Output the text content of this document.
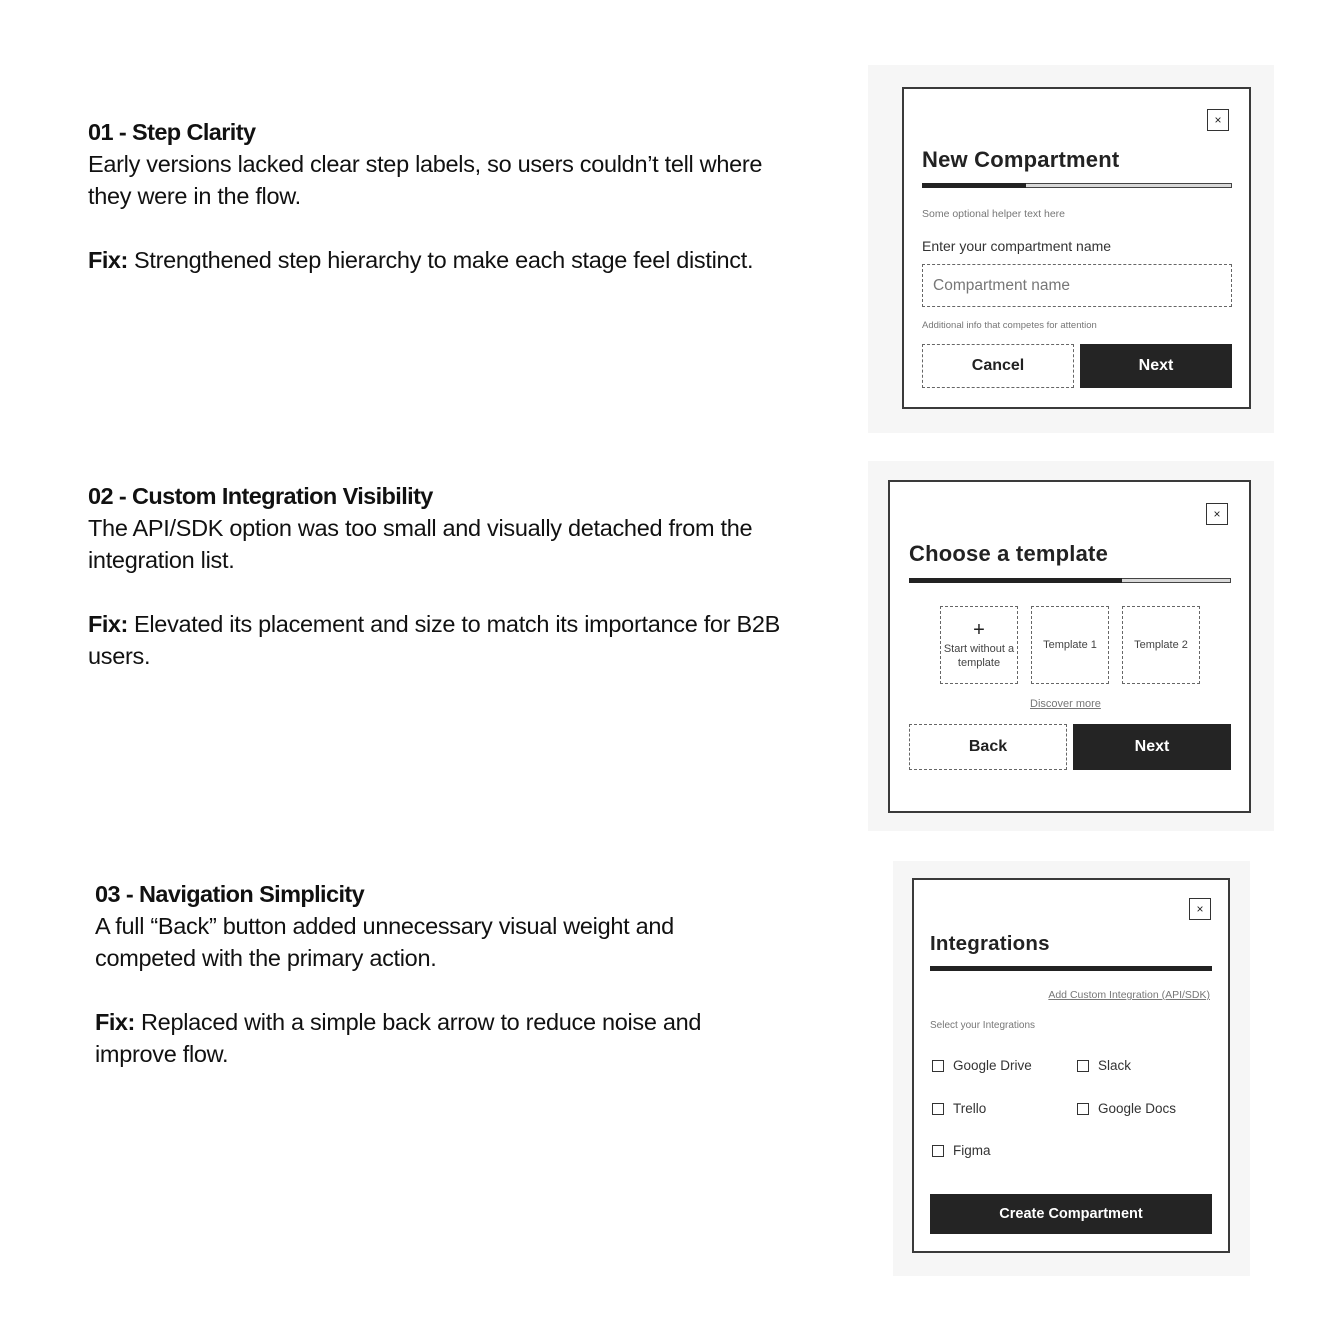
01 - Step Clarity

Early versions lacked clear step labels, so users couldn’t tell where they were in the flow.

Fix: Strengthened step hierarchy to make each stage feel distinct.

02 - Custom Integration Visibility

The API/SDK option was too small and visually detached from the integration list.

Fix: Elevated its placement and size to match its importance for B2B users.

03 - Navigation Simplicity

A full “Back” button added unnecessary visual weight and competed with the primary action.

Fix: Replaced with a simple back arrow to reduce noise and improve flow.

×
New Compartment
Some optional helper text here
Enter your compartment name
Compartment name
Additional info that competes for attention
Cancel	Next
×
Choose a template
+
Start without a template
Template 1	Template 2
Discover more
Back	Next
×
Integrations
Add Custom Integration (API/SDK)
Select your Integrations
Google Drive	Slack
Trello	Google Docs
Figma
Create Compartment
